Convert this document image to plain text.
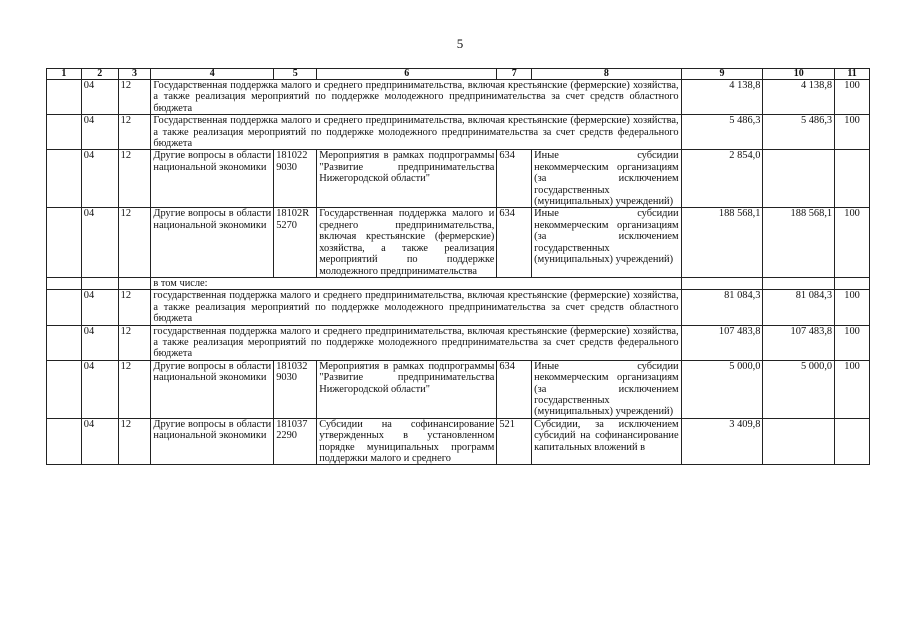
5
1	2	3	4	5	6	7	8	9	10	11
	04	12	Государственная поддержка малого и среднего предпринимательства, включая крестьянские (фермерские) хозяйства, а также реализация мероприятий по поддержке молодежного предпринимательства за счет средств областного бюджета					4 138,8	4 138,8	100
	04	12	Государственная поддержка малого и среднего предпринимательства, включая крестьянские (фермерские) хозяйства, а также реализация мероприятий по поддержке молодежного предпринимательства за счет средств федерального бюджета					5 486,3	5 486,3	100
	04	12	Другие вопросы в области национальной экономики	181022 9030	Мероприятия в рамках подпрограммы "Развитие предпринимательства Нижегородской области"	634	Иные субсидии некоммерческим организациям (за исключением государственных (муниципальных) учреждений)	2 854,0		
	04	12	Другие вопросы в области национальной экономики	18102R 5270	Государственная поддержка малого и среднего предпринимательства, включая крестьянские (фермерские) хозяйства, а также реализация мероприятий по поддержке молодежного предпринимательства	634	Иные субсидии некоммерческим организациям (за исключением государственных (муниципальных) учреждений)	188 568,1	188 568,1	100
			в том числе:							
	04	12	государственная поддержка малого и среднего предпринимательства, включая крестьянские (фермерские) хозяйства, а также реализация мероприятий по поддержке молодежного предпринимательства за счет средств областного бюджета					81 084,3	81 084,3	100
	04	12	государственная поддержка малого и среднего предпринимательства, включая крестьянские (фермерские) хозяйства, а также реализация мероприятий по поддержке молодежного предпринимательства за счет средств федерального бюджета					107 483,8	107 483,8	100
	04	12	Другие вопросы в области национальной экономики	181032 9030	Мероприятия в рамках подпрограммы "Развитие предпринимательства Нижегородской области"	634	Иные субсидии некоммерческим организациям (за исключением государственных (муниципальных) учреждений)	5 000,0	5 000,0	100
	04	12	Другие вопросы в области национальной экономики	181037 2290	Субсидии на софинансирование утвержденных в установленном порядке муниципальных программ поддержки малого и среднего	521	Субсидии, за исключением субсидий на софинансирование капитальных вложений в	3 409,8		
